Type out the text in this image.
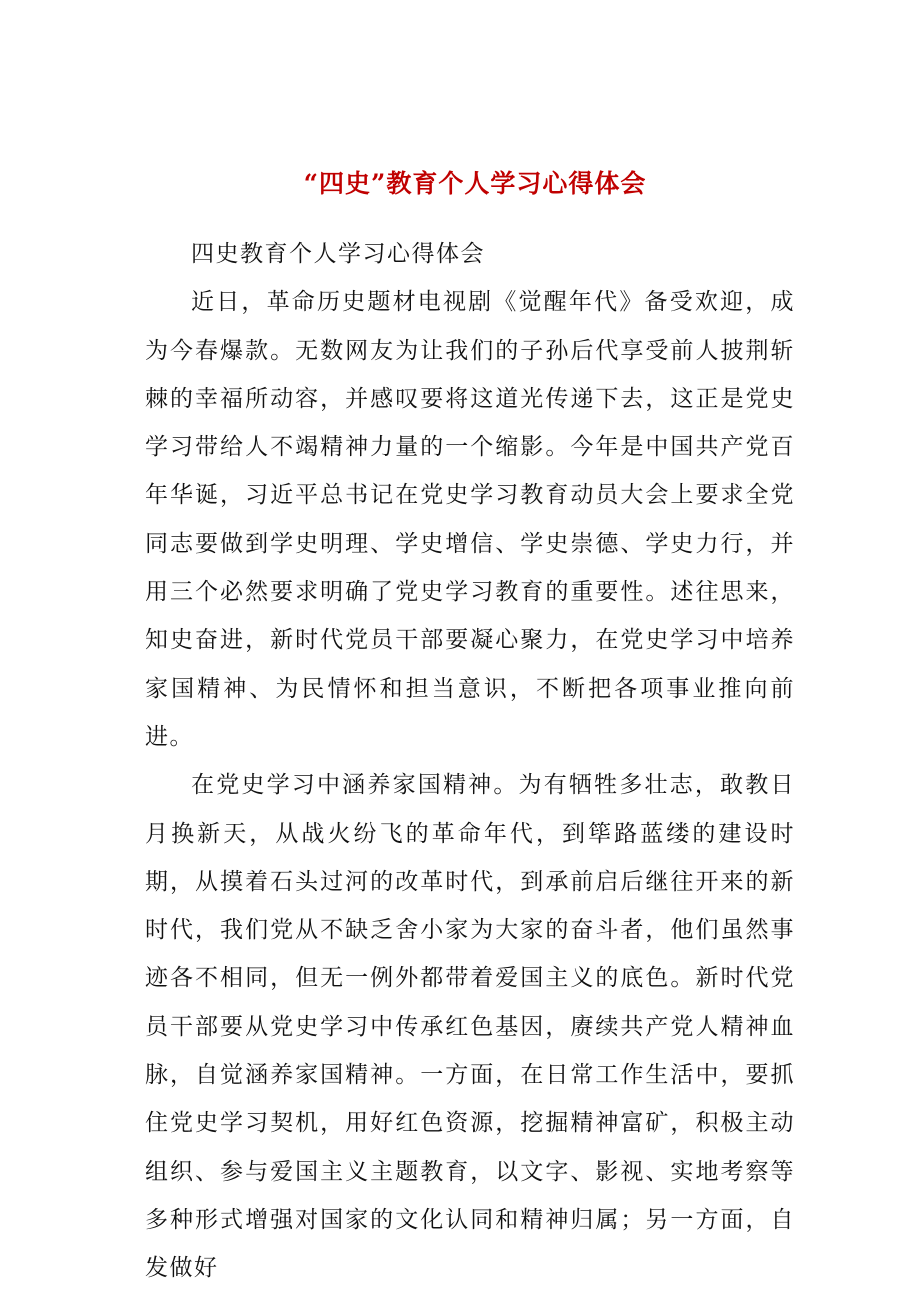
“四史”教育个人学习心得体会

四史教育个人学习心得体会

近日，革命历史题材电视剧《觉醒年代》备受欢迎，成为今春爆款。无数网友为让我们的子孙后代享受前人披荆斩棘的幸福所动容，并感叹要将这道光传递下去，这正是党史学习带给人不竭精神力量的一个缩影。今年是中国共产党百年华诞，习近平总书记在党史学习教育动员大会上要求全党同志要做到学史明理、学史增信、学史崇德、学史力行，并用三个必然要求明确了党史学习教育的重要性。述往思来，知史奋进，新时代党员干部要凝心聚力，在党史学习中培养家国精神、为民情怀和担当意识，不断把各项事业推向前进。

在党史学习中涵养家国精神。为有牺牲多壮志，敢教日月换新天，从战火纷飞的革命年代，到筚路蓝缕的建设时期，从摸着石头过河的改革时代，到承前启后继往开来的新时代，我们党从不缺乏舍小家为大家的奋斗者，他们虽然事迹各不相同，但无一例外都带着爱国主义的底色。新时代党员干部要从党史学习中传承红色基因，赓续共产党人精神血脉，自觉涵养家国精神。一方面，在日常工作生活中，要抓住党史学习契机，用好红色资源，挖掘精神富矿，积极主动组织、参与爱国主义主题教育，以文字、影视、实地考察等多种形式增强对国家的文化认同和精神归属；另一方面，自发做好
